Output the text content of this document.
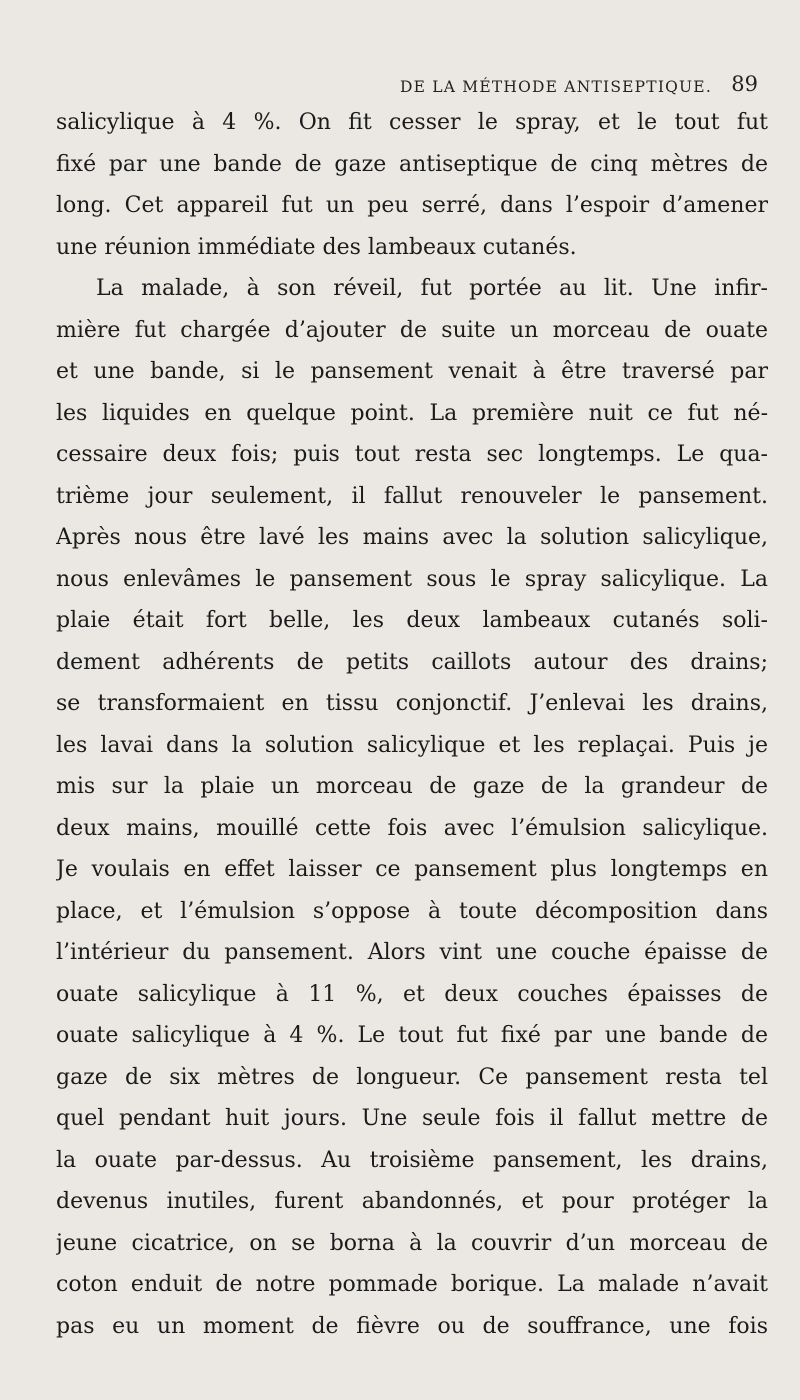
DE LA MÉTHODE ANTISEPTIQUE. 89
salicylique à 4 %. On fit cesser le spray, et le tout fut
fixé par une bande de gaze antiseptique de cinq mètres de
long. Cet appareil fut un peu serré, dans l’espoir d’amener
une réunion immédiate des lambeaux cutanés.
La malade, à son réveil, fut portée au lit. Une infir-
mière fut chargée d’ajouter de suite un morceau de ouate
et une bande, si le pansement venait à être traversé par
les liquides en quelque point. La première nuit ce fut né-
cessaire deux fois; puis tout resta sec longtemps. Le qua-
trième jour seulement, il fallut renouveler le pansement.
Après nous être lavé les mains avec la solution salicylique,
nous enlevâmes le pansement sous le spray salicylique. La
plaie était fort belle, les deux lambeaux cutanés soli-
dement adhérents de petits caillots autour des drains;
se transformaient en tissu conjonctif. J’enlevai les drains,
les lavai dans la solution salicylique et les replaçai. Puis je
mis sur la plaie un morceau de gaze de la grandeur de
deux mains, mouillé cette fois avec l’émulsion salicylique.
Je voulais en effet laisser ce pansement plus longtemps en
place, et l’émulsion s’oppose à toute décomposition dans
l’intérieur du pansement. Alors vint une couche épaisse de
ouate salicylique à 11 %, et deux couches épaisses de
ouate salicylique à 4 %. Le tout fut fixé par une bande de
gaze de six mètres de longueur. Ce pansement resta tel
quel pendant huit jours. Une seule fois il fallut mettre de
la ouate par-dessus. Au troisième pansement, les drains,
devenus inutiles, furent abandonnés, et pour protéger la
jeune cicatrice, on se borna à la couvrir d’un morceau de
coton enduit de notre pommade borique. La malade n’avait
pas eu un moment de fièvre ou de souffrance, une fois
